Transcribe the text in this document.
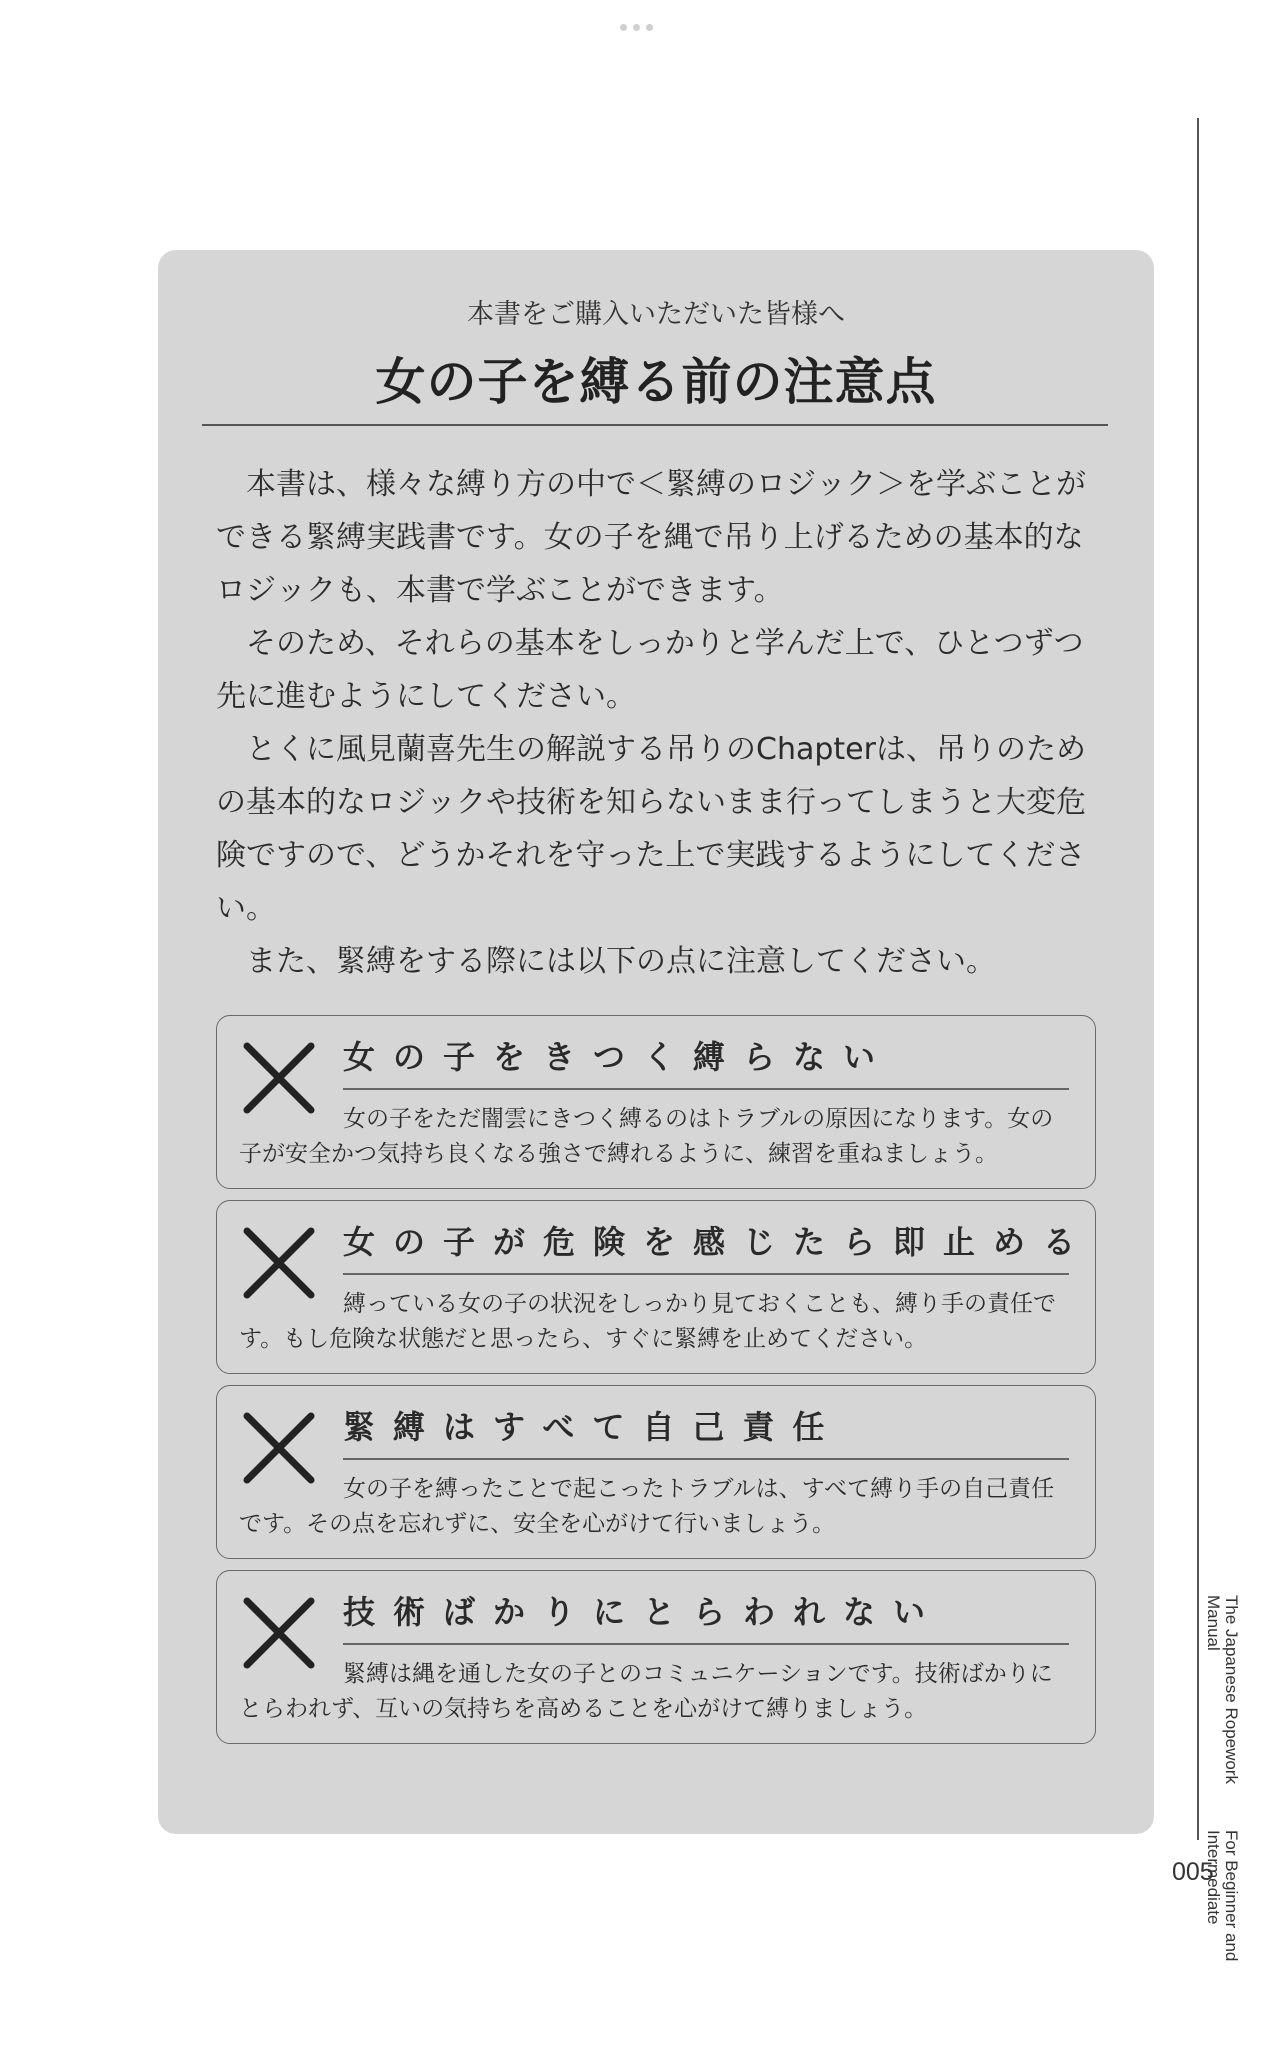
本書をご購入いただいた皆様へ
女の子を縛る前の注意点

本書は、様々な縛り方の中で＜緊縛のロジック＞を学ぶことができる緊縛実践書です。女の子を縄で吊り上げるための基本的なロジックも、本書で学ぶことができます。

そのため、それらの基本をしっかりと学んだ上で、ひとつずつ先に進むようにしてください。

とくに風見蘭喜先生の解説する吊りのChapterは、吊りのための基本的なロジックや技術を知らないまま行ってしまうと大変危険ですので、どうかそれを守った上で実践するようにしてください。

また、緊縛をする際には以下の点に注意してください。

女の子をきつく縛らない
女の子をただ闇雲にきつく縛るのはトラブルの原因になります。女の子が安全かつ気持ち良くなる強さで縛れるように、練習を重ねましょう。
女の子が危険を感じたら即止める
縛っている女の子の状況をしっかり見ておくことも、縛り手の責任です。もし危険な状態だと思ったら、すぐに緊縛を止めてください。
緊縛はすべて自己責任
女の子を縛ったことで起こったトラブルは、すべて縛り手の自己責任です。その点を忘れずに、安全を心がけて行いましょう。
技術ばかりにとらわれない
緊縛は縄を通した女の子とのコミュニケーションです。技術ばかりにとらわれず、互いの気持ちを高めることを心がけて縛りましょう。	The Japanese Ropework Manual
For Beginner and Intermediate
005
